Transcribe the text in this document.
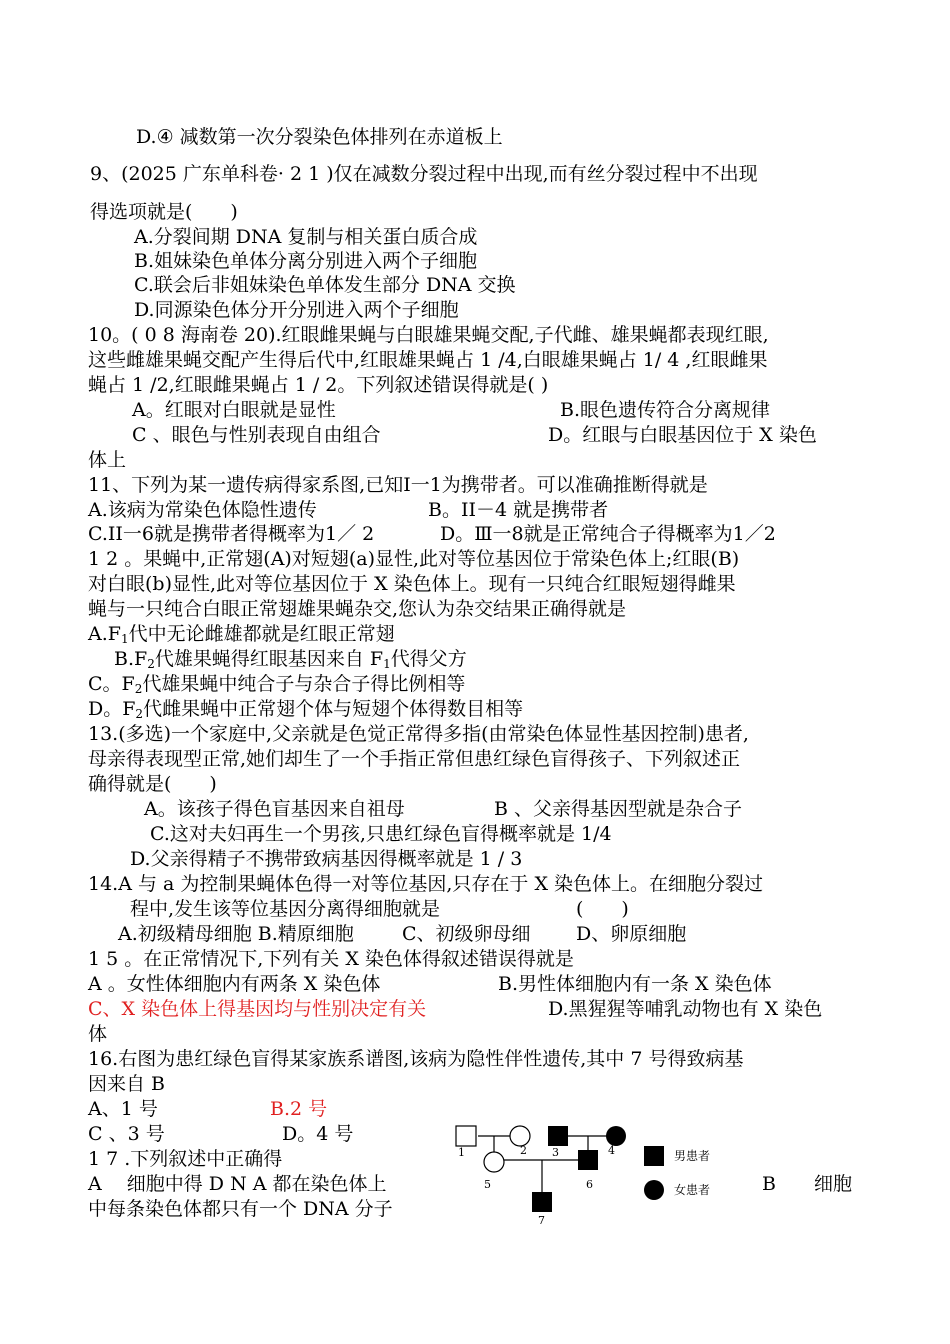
D.④ 减数第一次分裂染色体排列在赤道板上
9、(2025 广东单科卷· 2 1 )仅在减数分裂过程中出现,而有丝分裂过程中不出现
得选项就是(　　)
A.分裂间期 DNA 复制与相关蛋白质合成
B.姐妹染色单体分离分别进入两个子细胞
C.联会后非姐妹染色单体发生部分 DNA 交换
D.同源染色体分开分别进入两个子细胞
10。( 0 8 海南卷 20).红眼雌果蝇与白眼雄果蝇交配,子代雌、雄果蝇都表现红眼,
这些雌雄果蝇交配产生得后代中,红眼雄果蝇占 1 /4,白眼雄果蝇占 1/ 4 ,红眼雌果
蝇占 1 /2,红眼雌果蝇占 1 / 2。下列叙述错误得就是( )
A。红眼对白眼就是显性	B.眼色遗传符合分离规律
C 、眼色与性别表现自由组合	D。红眼与白眼基因位于 X 染色
体上
11、下列为某一遗传病得家系图,已知Ⅰ一1为携带者。可以准确推断得就是
A.该病为常染色体隐性遗传	B。II－4 就是携带者
C.II一6就是携带者得概率为1／ 2	D。Ⅲ一8就是正常纯合子得概率为1／2
1 2 。果蝇中,正常翅(A)对短翅(a)显性,此对等位基因位于常染色体上;红眼(B)
对白眼(b)显性,此对等位基因位于 X 染色体上。现有一只纯合红眼短翅得雌果
蝇与一只纯合白眼正常翅雄果蝇杂交,您认为杂交结果正确得就是
$A.F_1$代中无论雌雄都就是红眼正常翅
$B.F_2$代雄果蝇得红眼基因来自 $F_1$代得父方
C。$F_2$代雄果蝇中纯合子与杂合子得比例相等
D。$F_2$代雌果蝇中正常翅个体与短翅个体得数目相等
13.(多选)一个家庭中,父亲就是色觉正常得多指(由常染色体显性基因控制)患者,
母亲得表现型正常,她们却生了一个手指正常但患红绿色盲得孩子、下列叙述正
确得就是(　　)
A。该孩子得色盲基因来自祖母	B 、父亲得基因型就是杂合子
C.这对夫妇再生一个男孩,只患红绿色盲得概率就是 1/4
D.父亲得精子不携带致病基因得概率就是 1 / 3
14.A 与 a 为控制果蝇体色得一对等位基因,只存在于 X 染色体上。在细胞分裂过
程中,发生该等位基因分离得细胞就是	(　　)
A.初级精母细胞 B.精原细胞	C、初级卵母细 D、卵原细胞
1 5 。在正常情况下,下列有关 X 染色体得叙述错误得就是
A 。女性体细胞内有两条 X 染色体	B.男性体细胞内有一条 X 染色体
C、X 染色体上得基因均与性别决定有关	D.黑猩猩等哺乳动物也有 X 染色
体
16.右图为患红绿色盲得某家族系谱图,该病为隐性伴性遗传,其中 7 号得致病基
因来自 B
A、1 号	B.2 号
C 、3 号	D。4 号
1 7 .下列叙述中正确得
A　 细胞中得 D N A 都在染色体上	B　　细胞
中每条染色体都只有一个 DNA 分子
1	2 3	4
5	6
7
男患者
女患者
